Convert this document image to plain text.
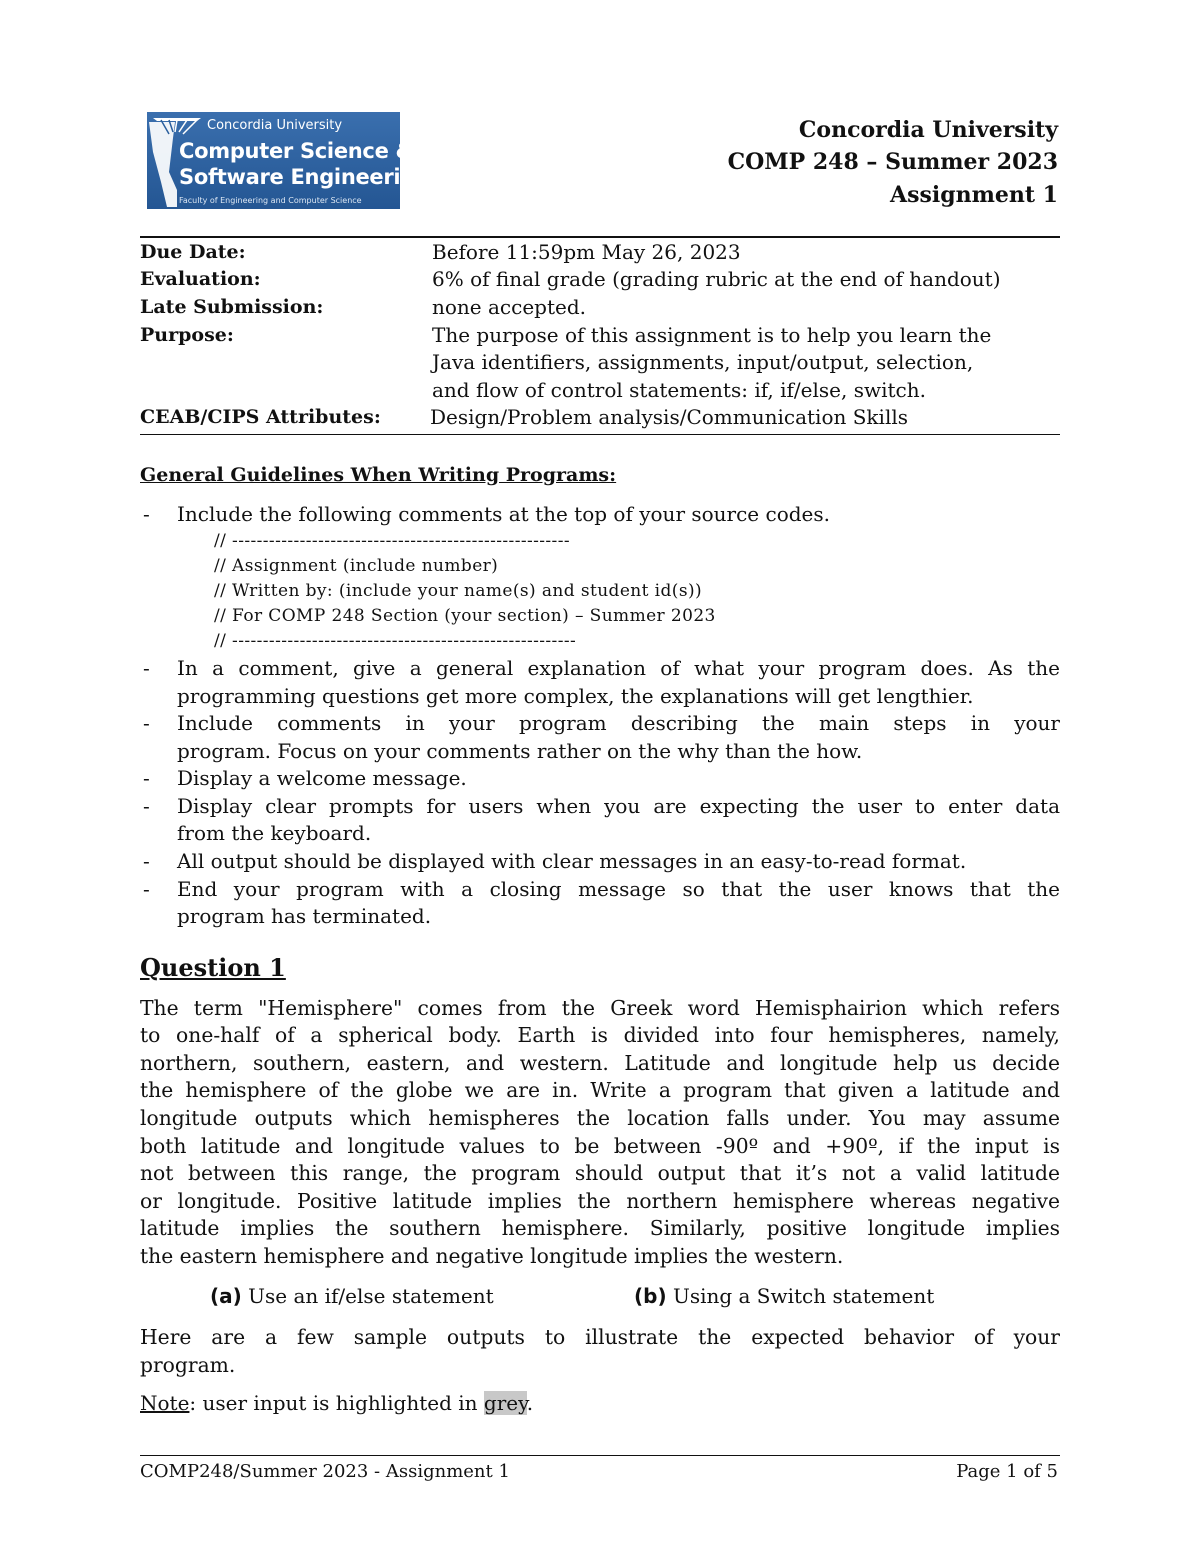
Concordia University
Computer Science &
Software Engineering
Faculty of Engineering and Computer Science
Concordia University
COMP 248 – Summer 2023
Assignment 1
Due Date:	Before 11:59pm May 26, 2023
Evaluation:	6% of final grade (grading rubric at the end of handout)
Late Submission:	none accepted.
Purpose:	The purpose of this assignment is to help you learn the
Java identifiers, assignments, input/output, selection,
and flow of control statements: if, if/else, switch.
CEAB/CIPS Attributes: Design/Problem analysis/Communication Skills
General Guidelines When Writing Programs:
- Include the following comments at the top of your source codes.
// -------------------------------------------------------
// Assignment (include number)
// Written by: (include your name(s) and student id(s))
// For COMP 248 Section (your section) – Summer 2023
// --------------------------------------------------------
- In a comment, give a general explanation of what your program does. As the
programming questions get more complex, the explanations will get lengthier.
- Include comments in your program describing the main steps in your
program. Focus on your comments rather on the why than the how.
- Display a welcome message.
- Display clear prompts for users when you are expecting the user to enter data
from the keyboard.
- All output should be displayed with clear messages in an easy-to-read format.
- End your program with a closing message so that the user knows that the
program has terminated.
Question 1
The term "Hemisphere" comes from the Greek word Hemisphairion which refers
to one-half of a spherical body. Earth is divided into four hemispheres, namely,
northern, southern, eastern, and western. Latitude and longitude help us decide
the hemisphere of the globe we are in. Write a program that given a latitude and
longitude outputs which hemispheres the location falls under. You may assume
both latitude and longitude values to be between -90º and +90º, if the input is
not between this range, the program should output that it’s not a valid latitude
or longitude. Positive latitude implies the northern hemisphere whereas negative
latitude implies the southern hemisphere. Similarly, positive longitude implies
the eastern hemisphere and negative longitude implies the western.
(a) Use an if/else statement	(b) Using a Switch statement
Here are a few sample outputs to illustrate the expected behavior of your
program.
Note: user input is highlighted in grey.
COMP248/Summer 2023 - Assignment 1	Page 1 of 5
